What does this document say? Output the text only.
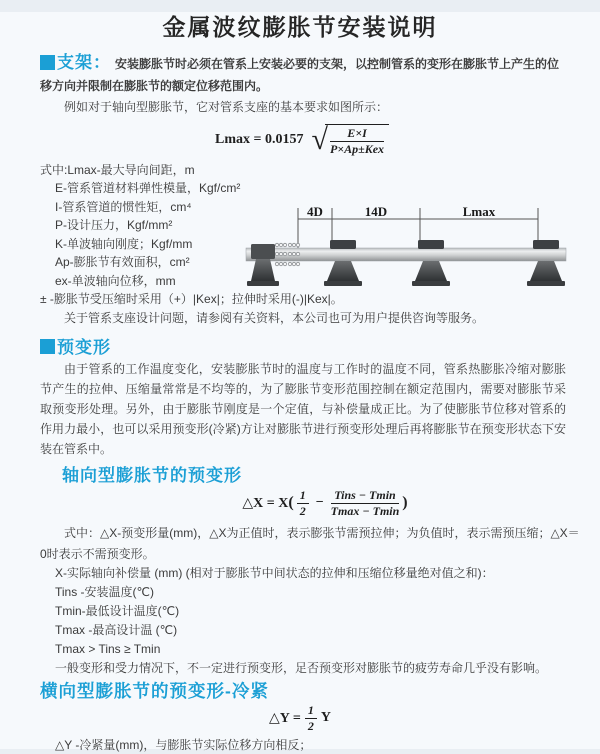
金属波纹膨胀节安装说明

支架： 安装膨胀节时必须在管系上安装必要的支架，以控制管系的变形在膨胀节上产生的位移方向并限制在膨胀节的额定位移范围内。

例如对于轴向型膨胀节，它对管系支座的基本要求如图所示：

Lmax = 0.0157 √ $\frac{E\times I}{\text{P×Ap±Kex}}$
式中:Lmax-最大导向间距，m
E-管系管道材料弹性模量，Kgf/cm²
I-管系管道的惯性矩，cm⁴
P-设计压力，Kgf/mm²
K-单波轴向刚度；Kgf/mm
Ap-膨胀节有效面积，cm²
ex-单波轴向位移，mm

± -膨胀节受压缩时采用（+）|Kex|；拉伸时采用(-)|Kex|。

关于管系支座设计问题，请参阅有关资料，本公司也可为用户提供咨询等服务。

预变形

由于管系的工作温度变化，安装膨胀节时的温度与工作时的温度不同，管系热膨胀冷缩对膨胀节产生的拉伸、压缩量常常是不均等的，为了膨胀节变形范围控制在额定范围内，需要对膨胀节采取预变形处理。另外，由于膨胀节刚度是一个定值，与补偿量成正比。为了使膨胀节位移对管系的作用力最小，也可以采用预变形(冷紧)方让对膨胀节进行预变形处理后再将膨胀节在预变形状态下安装在管系中。

轴向型膨胀节的预变形
△X = X ( $\frac{1}{2} - \frac{\text{Tins − Tmin}}{Tmax - Tmin}$ )

式中：△X-预变形量(mm)，△X为正值时，表示膨张节需预拉伸；为负值时，表示需预压缩；△X＝0时表示不需预变形。

X-实际轴向补偿量 (mm) (相对于膨胀节中间状态的拉伸和压缩位移量绝对值之和)：
Tins -安装温度(℃)
Tmin-最低设计温度(℃)
Tmax -最高设计温 (℃)
Tmax > Tins ≥ Tmin
一般变形和受力情况下，不一定进行预变形，足否预变形对膨胀节的疲劳寿命几乎没有影响。
横向型膨胀节的预变形-冷紧
△Y = $\frac{1}{2}$ Y

△Y -冷紧量(mm)，与膨胀节实际位移方向相反；

4D	14D	Lmax
